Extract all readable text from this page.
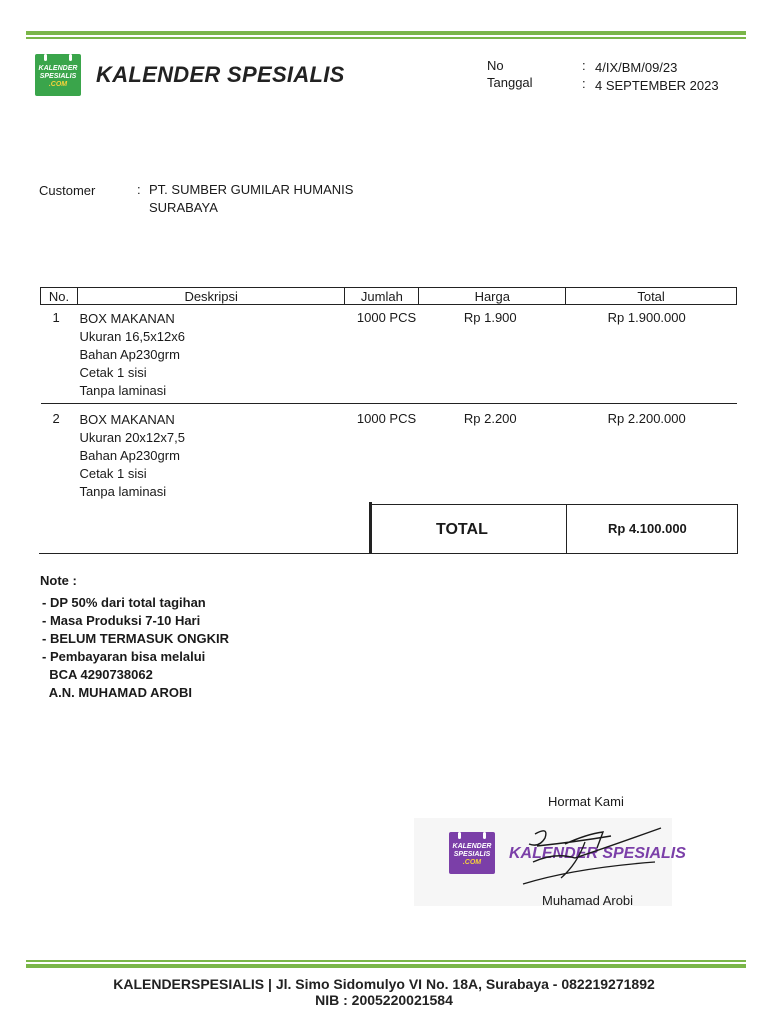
KALENDER
SPESIALIS
.COM	KALENDER SPESIALIS	No	: 4/IX/BM/09/23
Tanggal	: 4 SEPTEMBER 2023
Customer	: PT. SUMBER GUMILAR HUMANIS
SURABAYA
No.	Deskripsi	Jumlah	Harga	Total
1	BOX MAKANAN
Ukuran 16,5x12x6
Bahan Ap230grm
Cetak 1 sisi
Tanpa laminasi	1000 PCS	Rp 1.900	Rp 1.900.000
2	BOX MAKANAN
Ukuran 20x12x7,5
Bahan Ap230grm
Cetak 1 sisi
Tanpa laminasi	1000 PCS	Rp 2.200	Rp 2.200.000
TOTAL	Rp 4.100.000
Note :
- DP 50% dari total tagihan
- Masa Produksi 7-10 Hari
- BELUM TERMASUK ONGKIR
- Pembayaran bisa melalui
BCA 4290738062
A.N. MUHAMAD AROBI
Hormat Kami
KALENDER
SPESIALIS
.COM
KALENDER SPESIALIS
Muhamad Arobi
KALENDERSPESIALIS | Jl. Simo Sidomulyo VI No. 18A, Surabaya - 082219271892
NIB : 2005220021584
